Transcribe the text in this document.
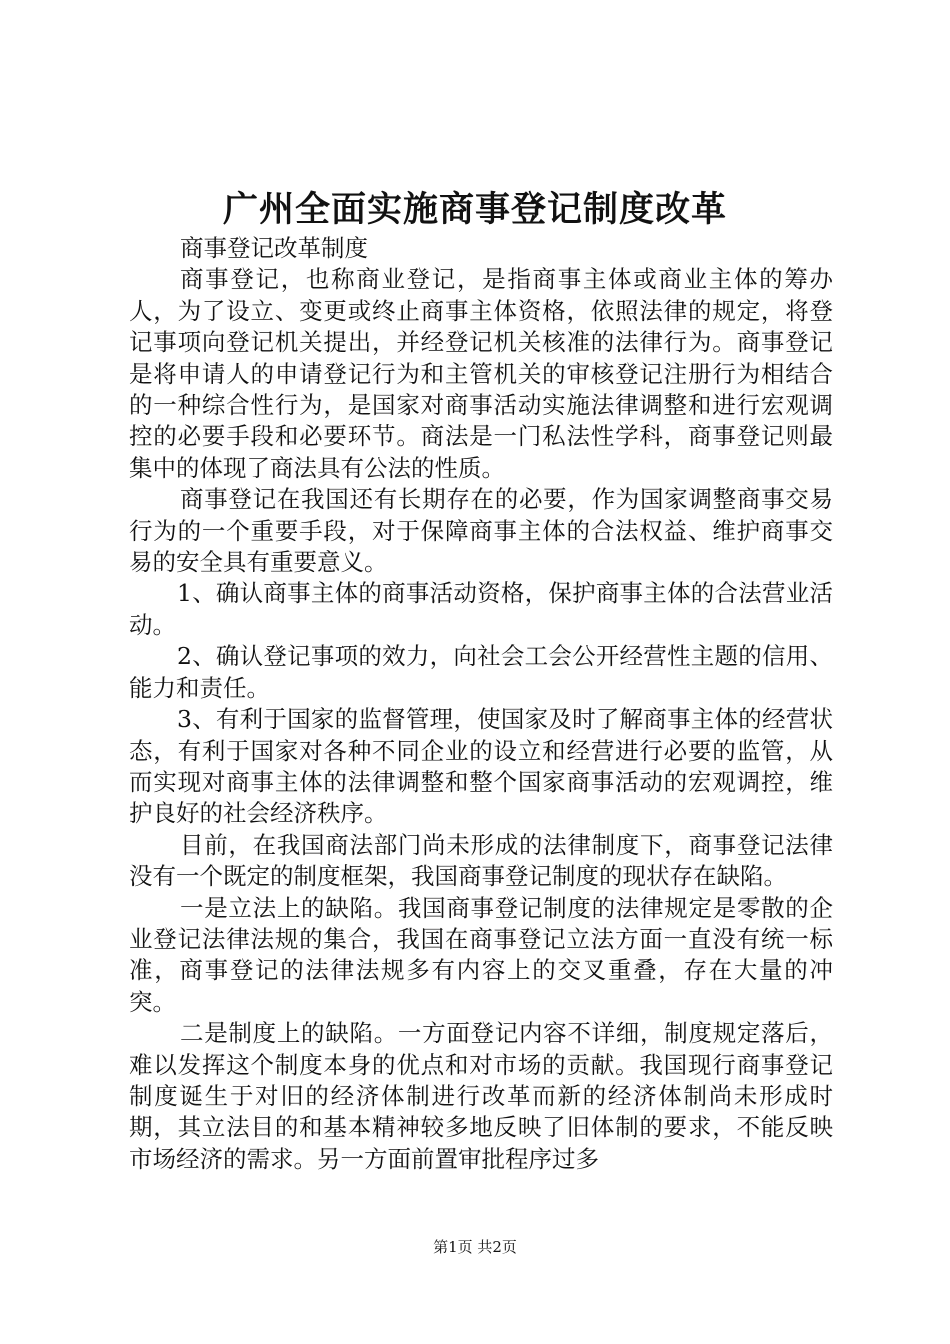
广州全面实施商事登记制度改革

商事登记改革制度

商事登记，也称商业登记，是指商事主体或商业主体的筹办人，为了设立、变更或终止商事主体资格，依照法律的规定，将登记事项向登记机关提出，并经登记机关核准的法律行为。商事登记是将申请人的申请登记行为和主管机关的审核登记注册行为相结合的一种综合性行为，是国家对商事活动实施法律调整和进行宏观调控的必要手段和必要环节。商法是一门私法性学科，商事登记则最集中的体现了商法具有公法的性质。

商事登记在我国还有长期存在的必要，作为国家调整商事交易行为的一个重要手段，对于保障商事主体的合法权益、维护商事交易的安全具有重要意义。

1、确认商事主体的商事活动资格，保护商事主体的合法营业活动。

2、确认登记事项的效力，向社会工会公开经营性主题的信用、能力和责任。

3、有利于国家的监督管理，使国家及时了解商事主体的经营状态，有利于国家对各种不同企业的设立和经营进行必要的监管，从而实现对商事主体的法律调整和整个国家商事活动的宏观调控，维护良好的社会经济秩序。

目前，在我国商法部门尚未形成的法律制度下，商事登记法律没有一个既定的制度框架，我国商事登记制度的现状存在缺陷。

一是立法上的缺陷。我国商事登记制度的法律规定是零散的企业登记法律法规的集合，我国在商事登记立法方面一直没有统一标准，商事登记的法律法规多有内容上的交叉重叠，存在大量的冲突。

二是制度上的缺陷。一方面登记内容不详细，制度规定落后，难以发挥这个制度本身的优点和对市场的贡献。我国现行商事登记制度诞生于对旧的经济体制进行改革而新的经济体制尚未形成时期，其立法目的和基本精神较多地反映了旧体制的要求，不能反映市场经济的需求。另一方面前置审批程序过多

第1页 共2页
